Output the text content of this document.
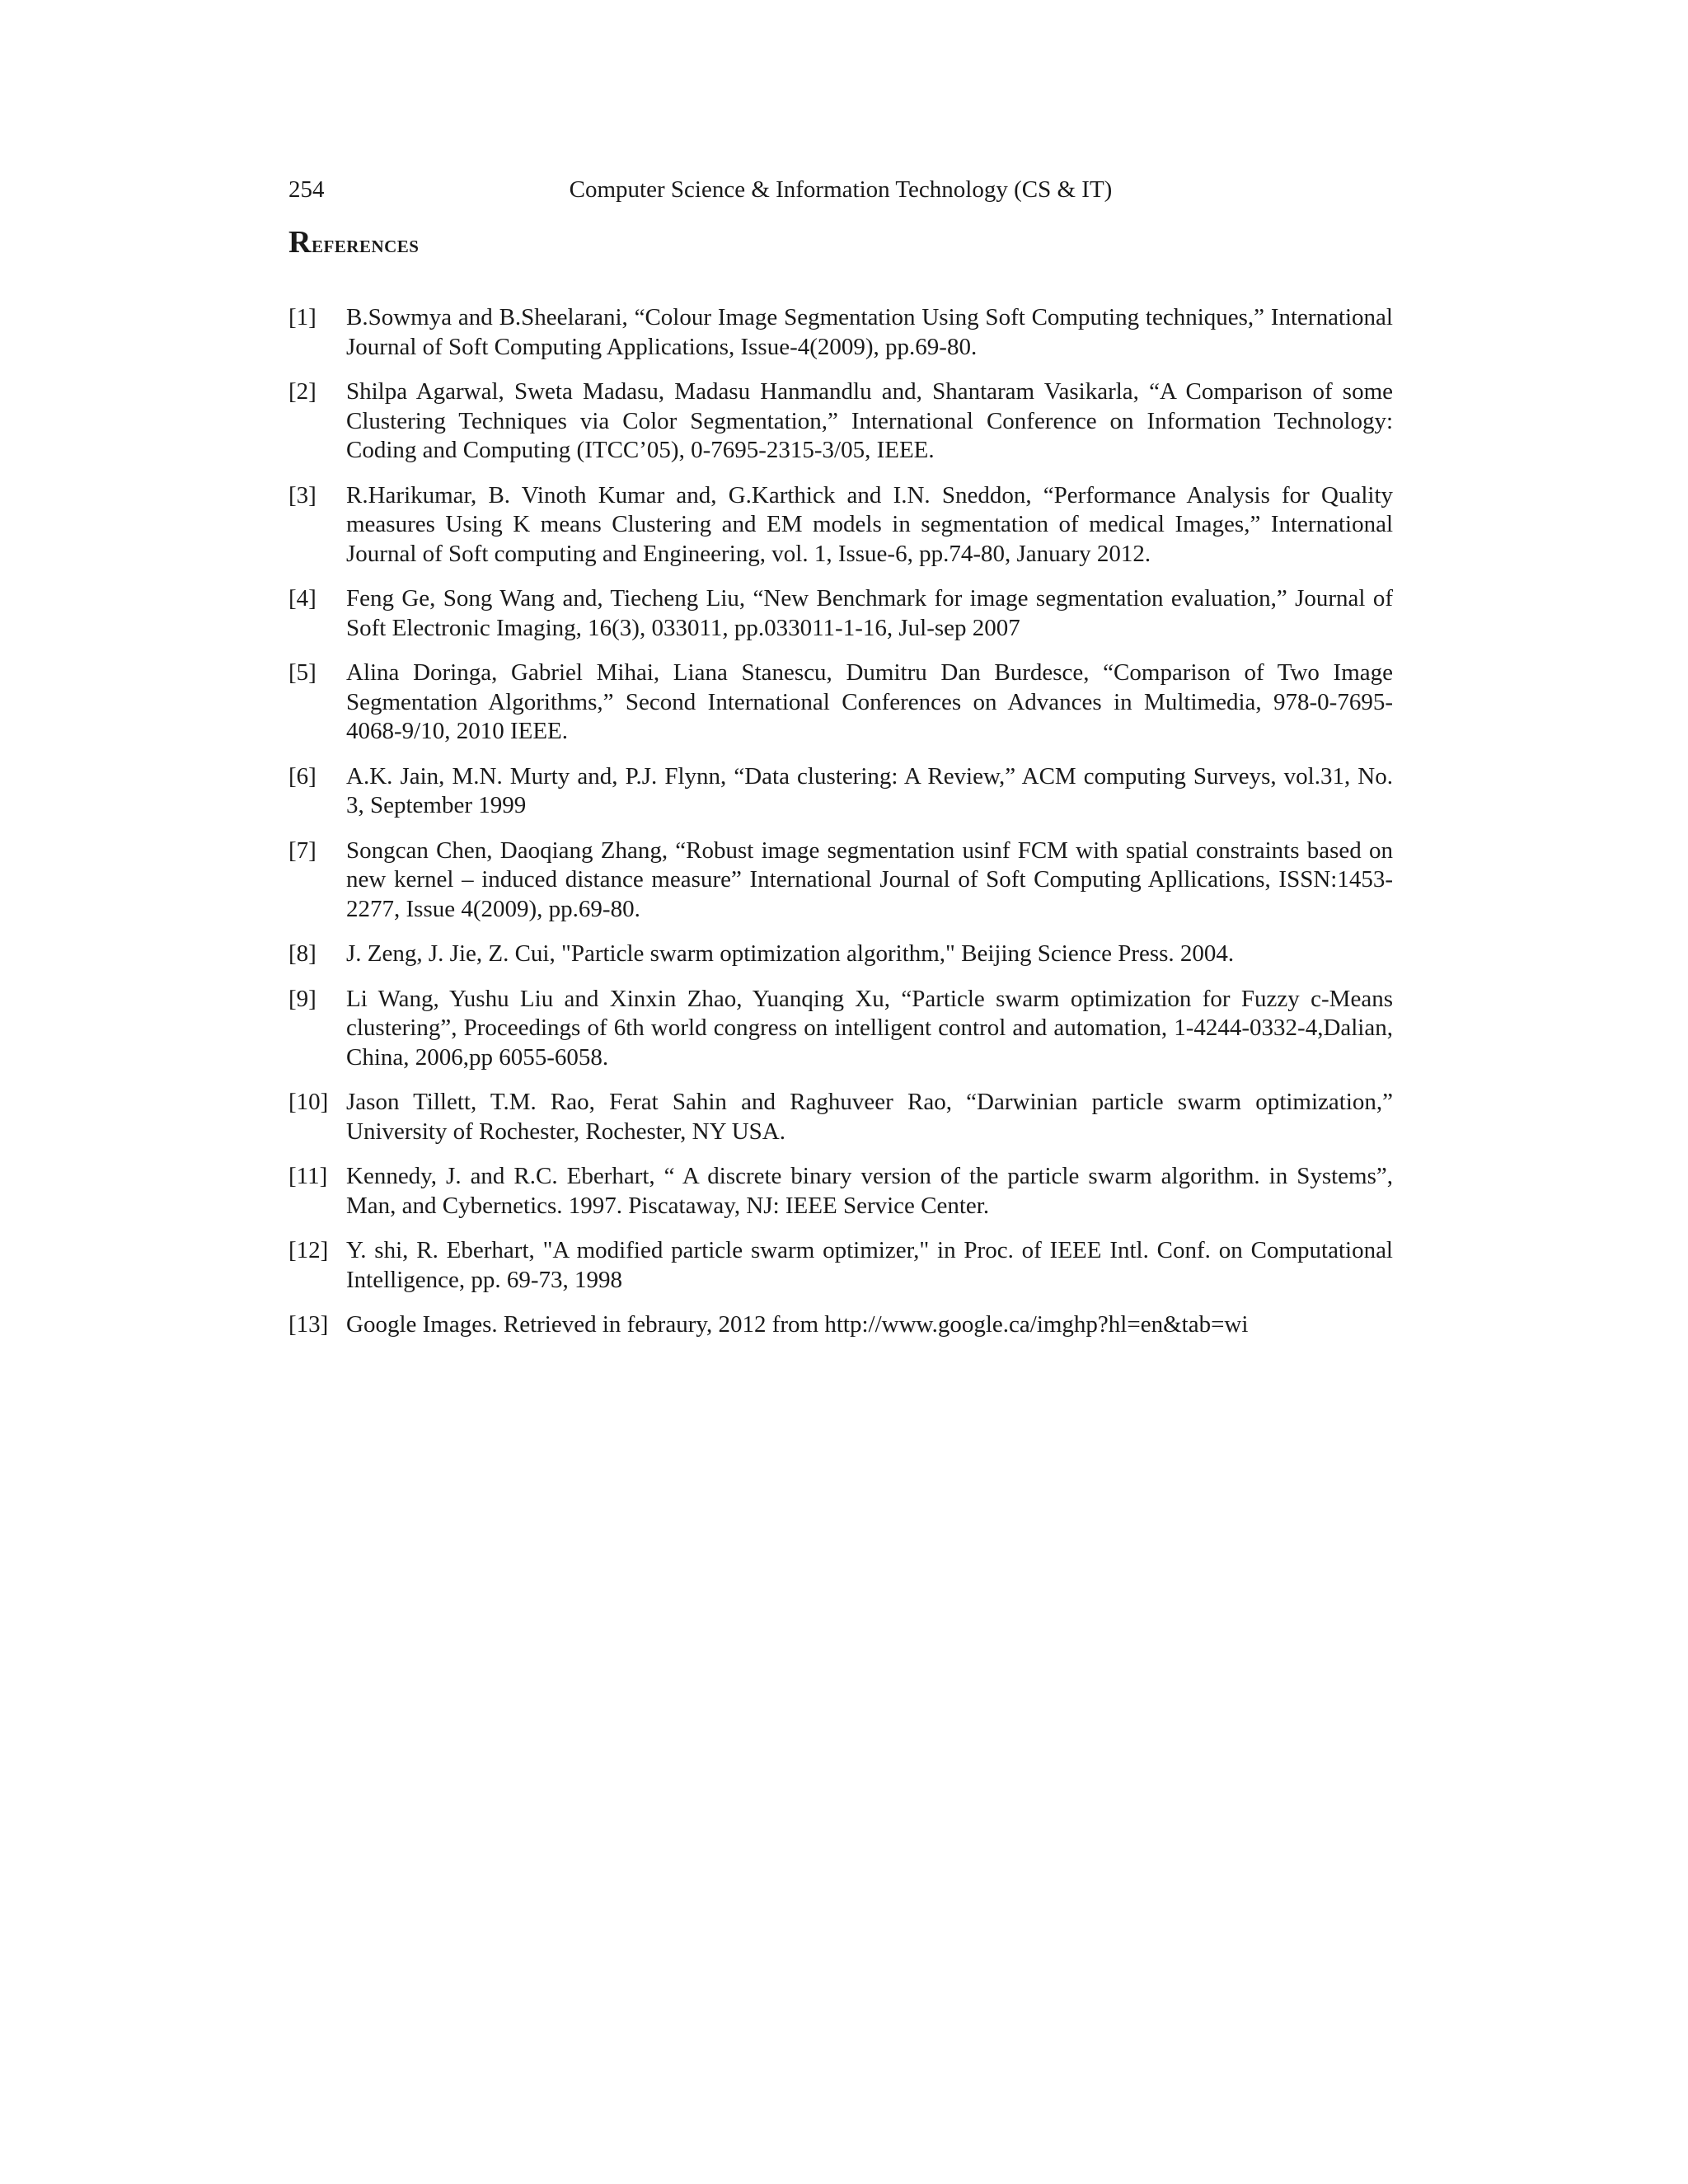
254	Computer Science & Information Technology (CS & IT)
References
[1] B.Sowmya and B.Sheelarani, “Colour Image Segmentation Using Soft Computing techniques,” International Journal of Soft Computing Applications, Issue-4(2009), pp.69-80.
[2] Shilpa Agarwal, Sweta Madasu, Madasu Hanmandlu and, Shantaram Vasikarla, “A Comparison of some Clustering Techniques via Color Segmentation,” International Conference on Information Technology: Coding and Computing (ITCC’05), 0-7695-2315-3/05, IEEE.
[3] R.Harikumar, B. Vinoth Kumar and, G.Karthick and I.N. Sneddon, “Performance Analysis for Quality measures Using K means Clustering and EM models in segmentation of medical Images,” International Journal of Soft computing and Engineering, vol. 1, Issue-6, pp.74-80, January 2012.
[4] Feng Ge, Song Wang and, Tiecheng Liu, “New Benchmark for image segmentation evaluation,” Journal of Soft Electronic Imaging, 16(3), 033011, pp.033011-1-16, Jul-sep 2007
[5] Alina Doringa, Gabriel Mihai, Liana Stanescu, Dumitru Dan Burdesce, “Comparison of Two Image Segmentation Algorithms,” Second International Conferences on Advances in Multimedia, 978-0-7695-4068-9/10, 2010 IEEE.
[6] A.K. Jain, M.N. Murty and, P.J. Flynn, “Data clustering: A Review,” ACM computing Surveys, vol.31, No. 3, September 1999
[7] Songcan Chen, Daoqiang Zhang, “Robust image segmentation usinf FCM with spatial constraints based on new kernel – induced distance measure” International Journal of Soft Computing Apllications, ISSN:1453-2277, Issue 4(2009), pp.69-80.
[8] J. Zeng, J. Jie, Z. Cui, "Particle swarm optimization algorithm," Beijing Science Press. 2004.
[9] Li Wang, Yushu Liu and Xinxin Zhao, Yuanqing Xu, “Particle swarm optimization for Fuzzy c-Means clustering”, Proceedings of 6th world congress on intelligent control and automation, 1-4244-0332-4,Dalian, China, 2006,pp 6055-6058.
[10] Jason Tillett, T.M. Rao, Ferat Sahin and Raghuveer Rao, “Darwinian particle swarm optimization,” University of Rochester, Rochester, NY USA.
[11] Kennedy, J. and R.C. Eberhart, “ A discrete binary version of the particle swarm algorithm. in Systems”, Man, and Cybernetics. 1997. Piscataway, NJ: IEEE Service Center.
[12] Y. shi, R. Eberhart, "A modified particle swarm optimizer," in Proc. of IEEE Intl. Conf. on Computational Intelligence, pp. 69-73, 1998
[13] Google Images. Retrieved in febraury, 2012 from http://www.google.ca/imghp?hl=en&tab=wi
